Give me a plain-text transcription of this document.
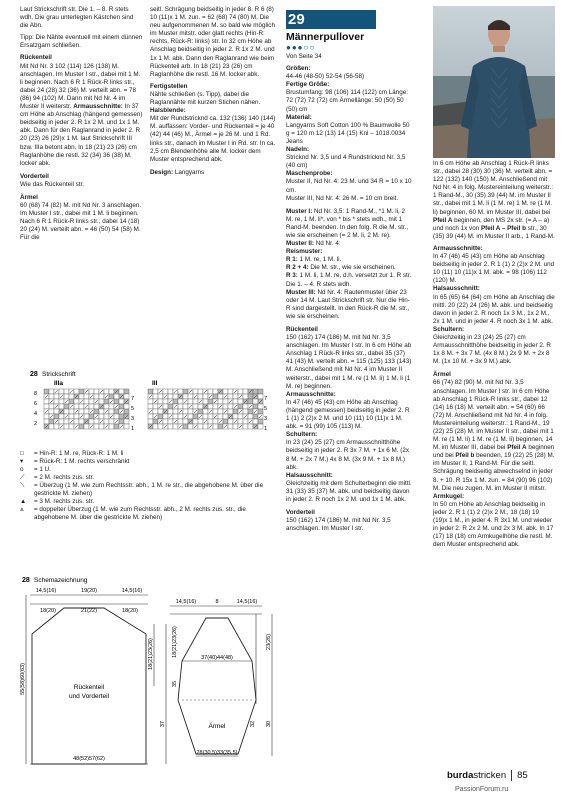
Laut Strickschrift str. Die 1. – 8. R stets wdh. Die grau unterlegten Kästchen sind die Abn.

Tipp: Die Nähte eventuell mit einem dünnen Ersatzgarn schließen.

Rückenteil
Mit Nd Nr. 3 102 (114) 126 (138) M. anschlagen. Im Muster I str., dabei mit 1 M. li beginnen. Nach 6 R 1 Rück-R links str., dabei 24 (28) 32 (36) M. verteilt abn. = 78 (86) 94 (102) M. Dann mit Nd Nr. 4 im Muster II weiterstr. Armausschnitte: In 37 cm Höhe ab Anschlag (hängend gemessen) beidseitig in jeder 2. R 1x 2 M. und 1x 1 M. abk. Dann für den Raglanrand in jeder 2. R 20 (23) 26 (29)x 1 M. laut Strickschrift III bzw. IIIa betont abn. In 18 (21) 23 (26) cm Raglanhöhe die restl. 32 (34) 36 (38) M. locker abk.
Vorderteil
Wie das Rückenteil str.
Ärmel
60 (68) 74 (82) M. mit Nd Nr. 3 anschlagen. Im Muster I str., dabei mit 1 M. li beginnen. Nach 6 R 1 Rück-R links str., dabei 14 (18) 20 (24) M. verteilt abn. = 46 (50) 54 (58) M. Für die

seitl. Schrägung beidseitig in jeder 8. R 6 (8) 10 (11)x 1 M. zun. = 62 (68) 74 (80) M. Die neu aufgenommenen M. so bald wie möglich im Muster mitstr. oder glatt rechts (Hin-R: rechts, Rück-R: links) str. In 32 cm Höhe ab Anschlag beidseitig in jeder 2. R 1x 2 M. und 1x 1 M. abk. Dann den Raglanrand wie beim Rückenteil arb. In 18 (21) 23 (26) cm Raglanhöhe die restl. 16 M. locker abk.

Fertigstellen
Nähte schließen (s. Tipp), dabei die Raglannähte mit kurzen Stichen nähen.
Halsblende:
Mit der Rundstricknd ca. 132 (136) 140 (144) M. auffassen: Vorder- und Rückenteil = je 40 (42) 44 (46) M., Ärmel = je 26 M. und 1 Rd. links str., danach im Muster I in Rd. str. In ca. 2,5 cm Blendenhöhe alle M. locker dem Muster entsprechend abk.

Design: Langyarns

28 Strickschrift
IIIa	III
8
6
4
2
7
5
3
1
7
5
3
1
□	= Hin-R: 1 M. re, Rück-R: 1 M. li
▾	= Rück-R: 1 M. rechts verschränkt
o	= 1 U.
⟋	= 2 M. rechts zus. str.
⟍	= Überzug (1 M. wie zum Rechtsstr. abh., 1 M. re str., die abgehobene M. über die gestrickte M. ziehen)
▲	= 3 M. rechts zus. str.
⩓	= doppelter Überzug (1 M. wie zum Rechtsstr. abh., 2 M. rechts zus. str., die abgehobene M. über die gestrickte M. ziehen)
28 Schemazeichnung
Rückenteil
und Vorderteil
Ärmel
14,5(16)	19(20)	14,5(16)
18(20)	21(22)	18(20)
48(52)57(62)
55(58)60(63)
18(21)23(26)
37
14,5(16)	8	14,5(16)
37(40)44(48)
28(30,5)33(35,5)
18(21)23(26)
35
32 30
23(26)
29
Männerpullover
●●●○○

Von Seite 34

Größen:
44-46 (48-50) 52-54 (56-58)
Fertige Größe:
Brustumfang: 98 (106) 114 (122) cm Länge: 72 (72) 72 (72) cm Ärmellänge: 50 (50) 50 (50) cm
Material:
Langyarns Soft Cotton 100 % Baumwolle 50 g = 120 m 12 (13) 14 (15) Knl – 1018.0034 Jeans
Nadeln:
Stricknd Nr. 3,5 und 4 Rundstricknd Nr. 3,5 (40 cm)
Maschenprobe:
Muster II, Nd Nr. 4: 23 M. und 34 R = 10 x 10 cm.
Muster III, Nd Nr. 4: 26 M. = 10 cm breit.
Muster I: Nd Nr. 3,5: 1 Rand-M., *1 M. li, 2 M. re, 1 M. li*, von * bis * stets wdh., mit 1 Rand-M. beenden. In den folg. R die M. str., wie sie erscheinen (= 2 M. li, 2 M. re).
Muster II: Nd Nr. 4:
Reismuster:
R 1: 1 M. re, 1 M. li.
R 2 + 4: Die M. str., wie sie erscheinen.
R 3: 1 M. li, 1 M. re, d.h. versetzt zur 1. R str.
Die 1. – 4. R stets wdh.
Muster III: Nd Nr. 4: Rautenmuster über 23 oder 14 M. Laut Strickschrift str. Nur die Hin-R sind dargestellt. In den Rück-R die M. str., wie sie erscheinen.
Rückenteil
150 (162) 174 (186) M. mit Nd Nr. 3,5 anschlagen. Im Muster I str. In 6 cm Höhe ab Anschlag 1 Rück-R links str., dabei 35 (37) 41 (43) M. verteilt abn. = 115 (125) 133 (143) M. Anschließend mit Nd Nr. 4 im Muster II weiterstr., dabei mit 1 M. re (1 M. li) 1 M. li (1 M. re) beginnen.
Armausschnitte:
In 47 (46) 45 (43) cm Höhe ab Anschlag (hängend gemessen) beidseitig in jeder 2. R 1 (1) 2 (2)x 2 M. und 10 (11) 10 (11)x 1 M. abk. = 91 (99) 105 (113) M.
Schultern:
In 23 (24) 25 (27) cm Armausschnitthöhe beidseitig in jeder 2. R 3x 7 M. + 1x 6 M. (2x 8 M. + 2x 7 M.) 4x 8 M. (3x 9 M. + 1x 8 M.) abk.
Halsausschnitt:
Gleichzeitig mit dem Schulterbeginn die mittl. 31 (33) 35 (37) M. abk. und beidseitig davon in jeder 2. R noch 1x 2 M. und 1x 1 M. abk.
Vorderteil
150 (162) 174 (186) M. mit Nd Nr. 3,5 anschlagen. Im Muster I str.

In 6 cm Höhe ab Anschlag 1 Rück-R links str., dabei 28 (30) 30 (36) M. verteilt abn. = 122 (132) 140 (150) M. Anschließend mit Nd Nr. 4 in folg. Mustereinteilung weiterstr.: 1 Rand-M., 30 (35) 39 (44) M. im Muster II str., dabei mit 1 M. li (1 M. re) 1 M. re (1 M. li) beginnen, 60 M. im Muster III, dabei bei Pfeil A beginnen, den MS 2x str. (= A – a) und noch 1x von Pfeil A – Pfeil b str., 30 (35) 39 (44) M. im Muster II arb., 1 Rand-M.

Armausschnitte:
In 47 (46) 45 (43) cm Höhe ab Anschlag beidseitig in jeder 2. R 1 (1) 2 (2)x 2 M. und 10 (11) 10 (11)x 1 M. abk. = 98 (106) 112 (120) M.
Halsausschnitt:
In 65 (65) 64 (64) cm Höhe ab Anschlag die mittl. 20 (22) 24 (26) M. abk. und beidseitig davon in jeder 2. R noch 1x 3 M., 1x 2 M., 2x 1 M. und in jeder 4. R noch 3x 1 M. abk.
Schultern:
Gleichzeitig in 23 (24) 25 (27) cm Armausschnitthöhe beidseitig in jeder 2. R 1x 8 M. + 3x 7 M. (4x 8 M.) 2x 9 M. + 2x 8 M. (1x 10 M. + 3x 9 M.) abk.
Ärmel
66 (74) 82 (90) M. mit Nd Nr. 3,5 anschlagen. Im Muster I str. In 6 cm Höhe ab Anschlag 1 Rück-R links str., dabei 12 (14) 16 (18) M. verteilt abn. = 54 (60) 66 (72) M. Anschließend mit Nd Nr. 4 in folg. Mustereinteilung weiterstr.: 1 Rand-M., 19 (22) 25 (28) M. im Muster II str., dabei mit 1 M. re (1 M. li) 1 M. re (1 M. li) beginnen, 14 M. im Muster III, dabei bei Pfeil A beginnen und bei Pfeil b beenden, 19 (22) 25 (28) M. im Muster II, 1 Rand-M. Für die seitl. Schrägung beidseitig abwechselnd in jeder 8. + 10. R 15x 1 M. zun. = 84 (90) 96 (102) M. Die neu zugen. M. im Muster II mitstr.
Armkugel:
In 50 cm Höhe ab Anschlag beidseitig in jeder 2. R 1 (1) 2 (2)x 2 M., 18 (18) 19 (19)x 1 M., in jeder 4. R 3x1 M. und wieder in jeder 2. R 2x 2 M. und 2x 3 M. abk. In 17 (17) 18 (18) cm Armkugelhöhe die restl. M. dem Muster entsprechend abk.
burdastricken 85
PassionForum.ru
